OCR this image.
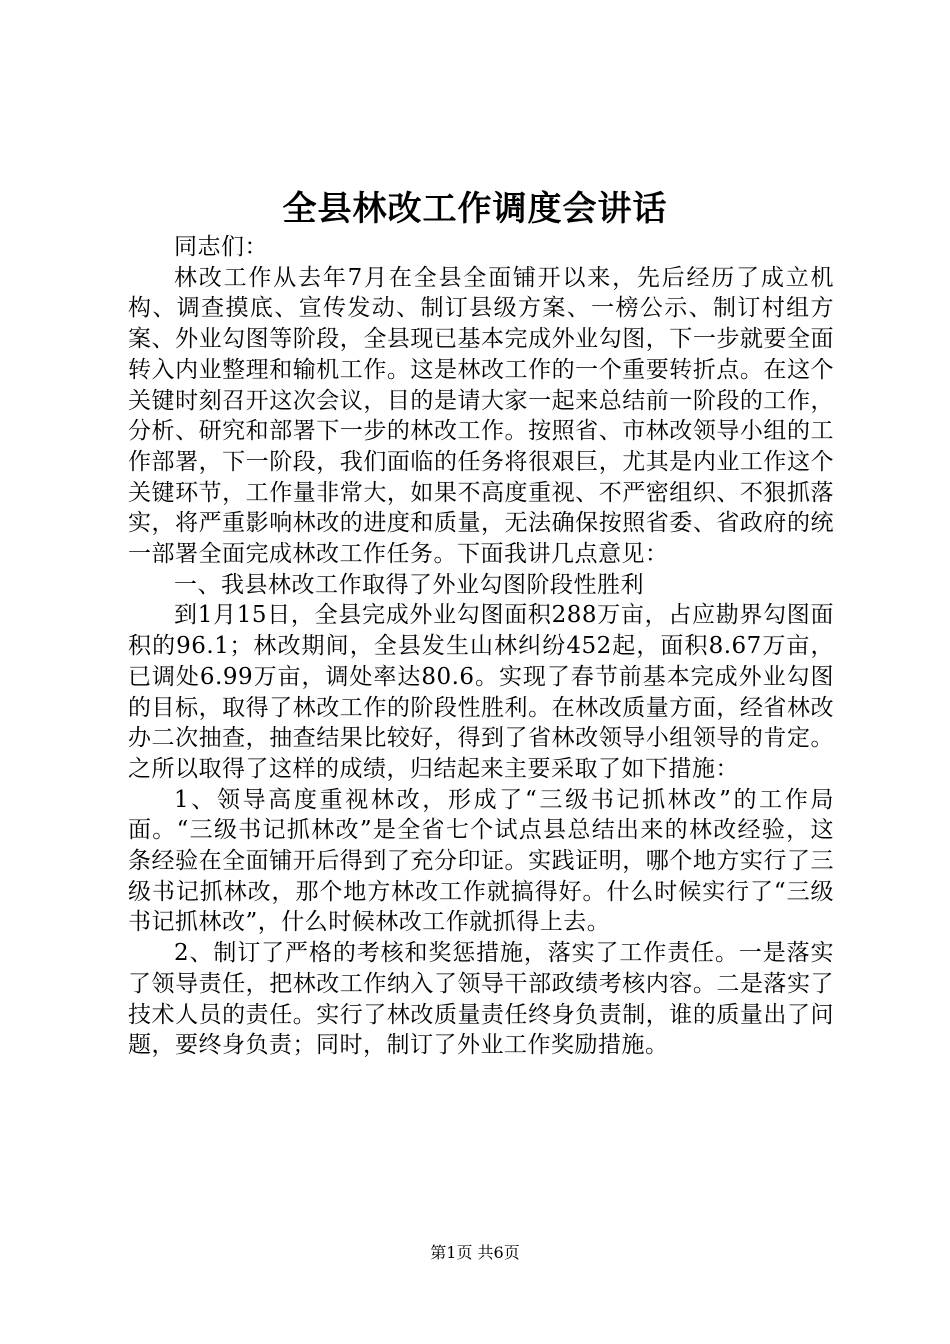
全县林改工作调度会讲话

同志们：

林改工作从去年7月在全县全面铺开以来，先后经历了成立机构、调查摸底、宣传发动、制订县级方案、一榜公示、制订村组方案、外业勾图等阶段，全县现已基本完成外业勾图，下一步就要全面转入内业整理和输机工作。这是林改工作的一个重要转折点。在这个关键时刻召开这次会议，目的是请大家一起来总结前一阶段的工作，分析、研究和部署下一步的林改工作。按照省、市林改领导小组的工作部署，下一阶段，我们面临的任务将很艰巨，尤其是内业工作这个关键环节，工作量非常大，如果不高度重视、不严密组织、不狠抓落实，将严重影响林改的进度和质量，无法确保按照省委、省政府的统一部署全面完成林改工作任务。下面我讲几点意见：

一、我县林改工作取得了外业勾图阶段性胜利

到1月15日，全县完成外业勾图面积288万亩，占应勘界勾图面积的96.1；林改期间，全县发生山林纠纷452起，面积8.67万亩，已调处6.99万亩，调处率达80.6。实现了春节前基本完成外业勾图的目标，取得了林改工作的阶段性胜利。在林改质量方面，经省林改办二次抽查，抽查结果比较好，得到了省林改领导小组领导的肯定。之所以取得了这样的成绩，归结起来主要采取了如下措施：

1、领导高度重视林改，形成了“三级书记抓林改”的工作局面。“三级书记抓林改”是全省七个试点县总结出来的林改经验，这条经验在全面铺开后得到了充分印证。实践证明，哪个地方实行了三级书记抓林改，那个地方林改工作就搞得好。什么时候实行了“三级书记抓林改”，什么时候林改工作就抓得上去。

2、制订了严格的考核和奖惩措施，落实了工作责任。一是落实了领导责任，把林改工作纳入了领导干部政绩考核内容。二是落实了技术人员的责任。实行了林改质量责任终身负责制，谁的质量出了问题，要终身负责；同时，制订了外业工作奖励措施。

第1页 共6页
